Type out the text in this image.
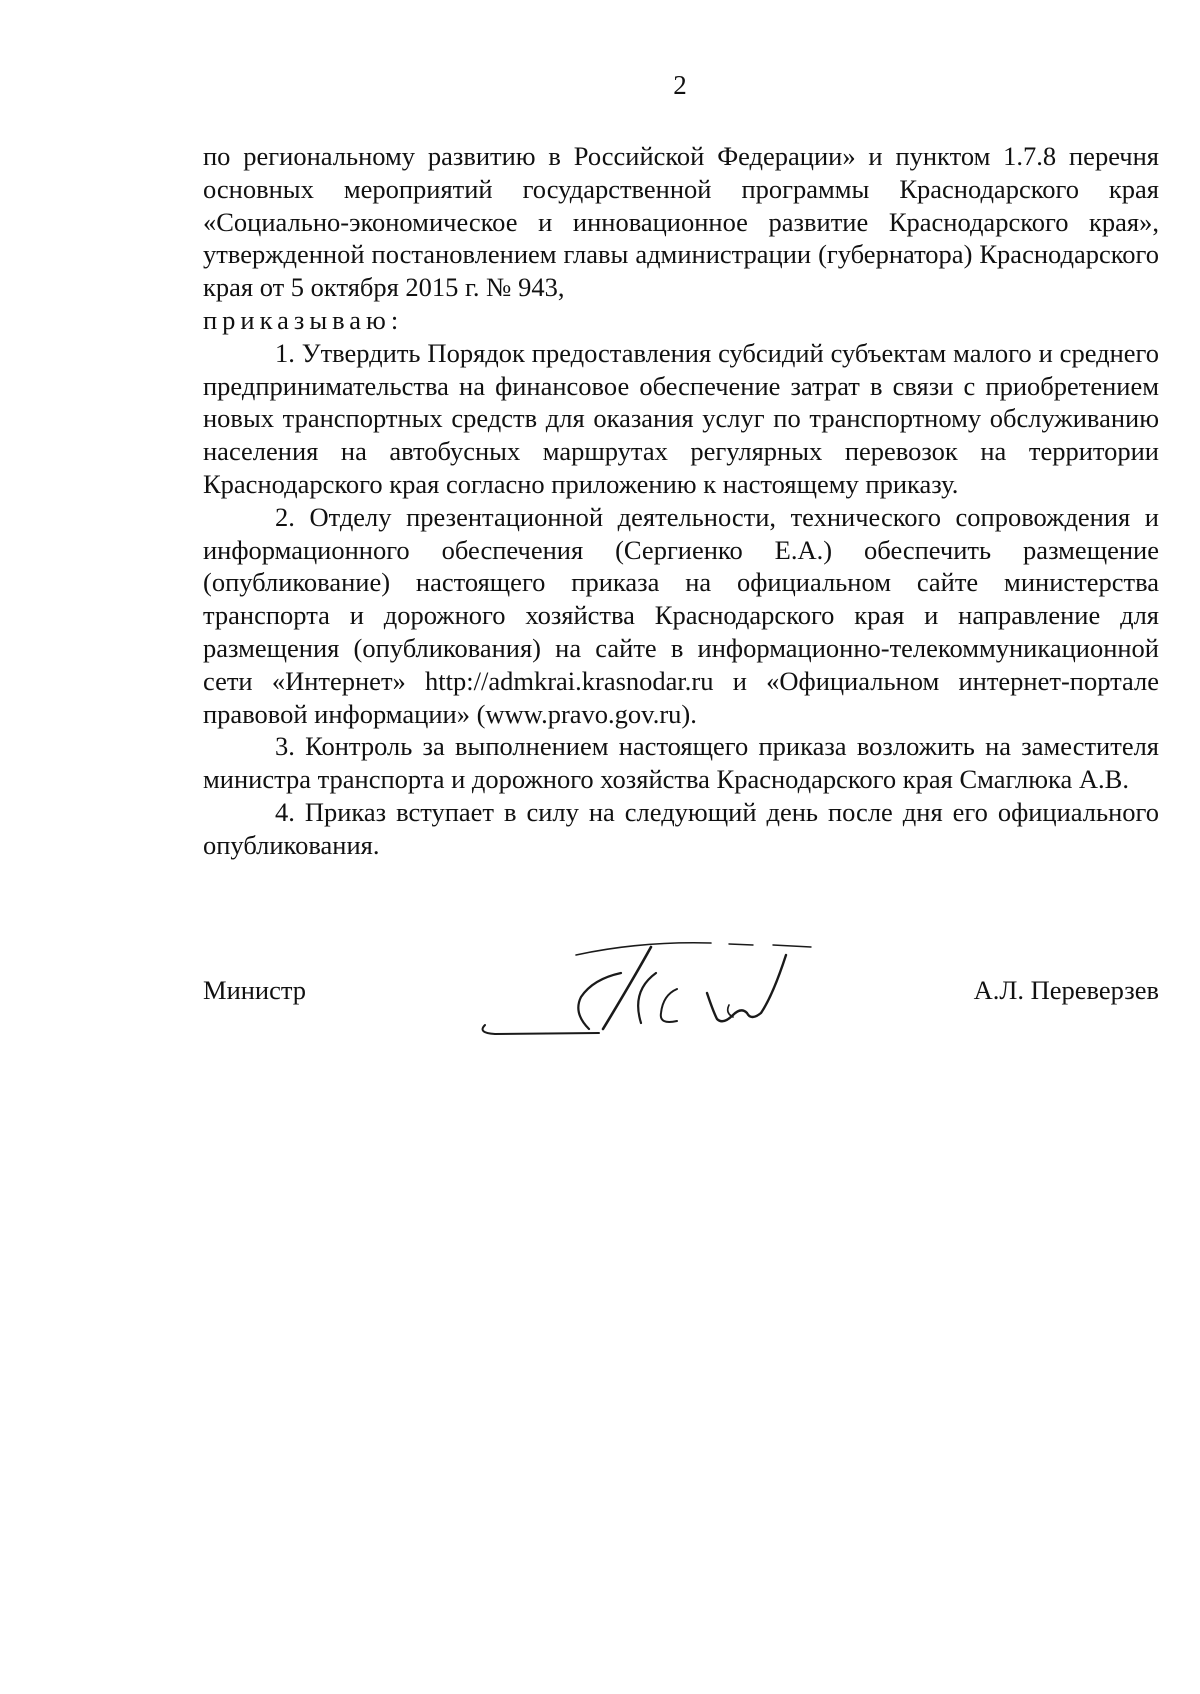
2

по региональному развитию в Российской Федерации» и пунктом 1.7.8 перечня основных мероприятий государственной программы Краснодарского края «Социально-экономическое и инновационное развитие Краснодарского края», утвержденной постановлением главы администрации (губернатора) Краснодарского края от 5 октября 2015 г. № 943,

приказываю:

1. Утвердить Порядок предоставления субсидий субъектам малого и среднего предпринимательства на финансовое обеспечение затрат в связи с приобретением новых транспортных средств для оказания услуг по транспортному обслуживанию населения на автобусных маршрутах регулярных перевозок на территории Краснодарского края согласно приложению к настоящему приказу.

2. Отделу презентационной деятельности, технического сопровождения и информационного обеспечения (Сергиенко Е.А.) обеспечить размещение (опубликование) настоящего приказа на официальном сайте министерства транспорта и дорожного хозяйства Краснодарского края и направление для размещения (опубликования) на сайте в информационно-телекоммуникационной сети «Интернет» http://admkrai.krasnodar.ru и «Официальном интернет-портале правовой информации» (www.pravo.gov.ru).

3. Контроль за выполнением настоящего приказа возложить на заместителя министра транспорта и дорожного хозяйства Краснодарского края Смаглюка А.В.

4. Приказ вступает в силу на следующий день после дня его официального опубликования.

Министр	А.Л. Переверзев
